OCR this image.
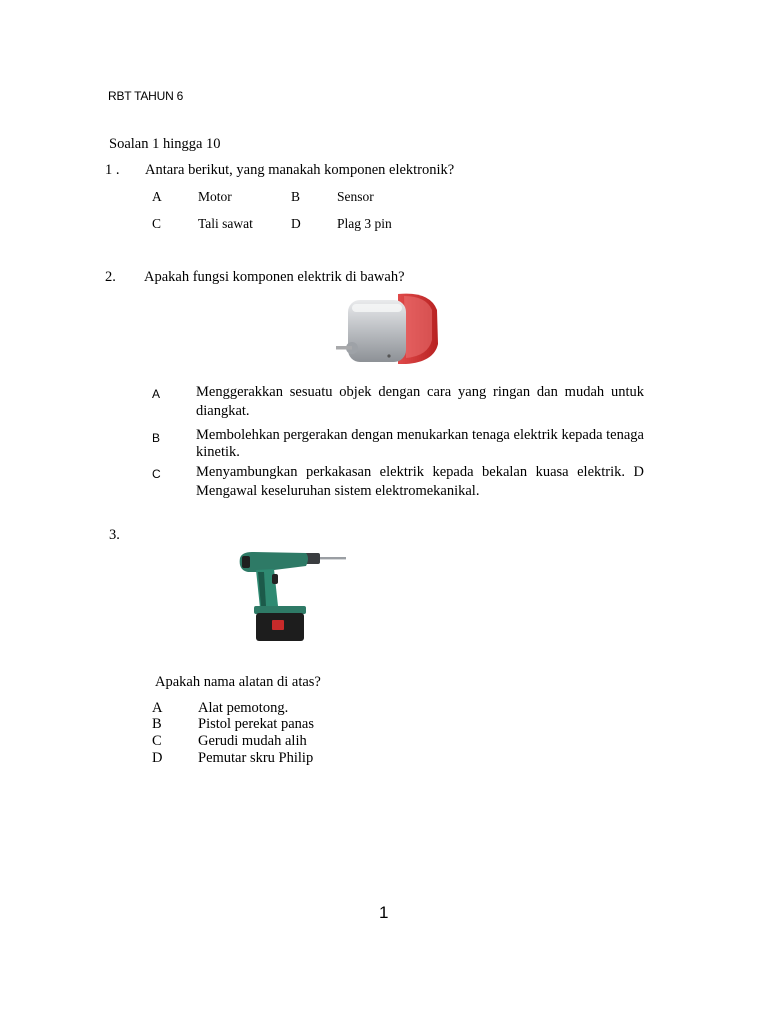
RBT TAHUN 6
Soalan 1 hingga 10
1 . Antara berikut, yang manakah komponen elektronik?
A	Motor	B	Sensor
C	Tali sawat	D	Plag 3 pin
2. Apakah fungsi komponen elektrik di bawah?
A Menggerakkan sesuatu objek dengan cara yang ringan dan mudah untuk diangkat.
B Membolehkan pergerakan dengan menukarkan tenaga elektrik kepada tenaga kinetik.
C Menyambungkan perkakasan elektrik kepada bekalan kuasa elektrik. D Mengawal keseluruhan sistem elektromekanikal.
3.
Apakah nama alatan di atas?
A Alat pemotong.
B	Pistol perekat panas
C	Gerudi mudah alih
D Pemutar skru Philip
1
